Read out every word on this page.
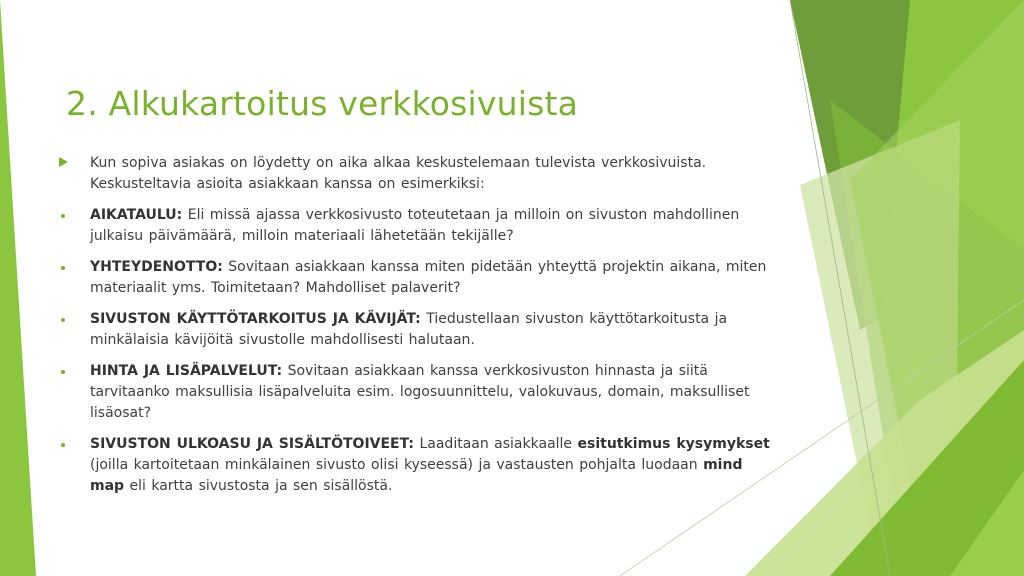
2. Alkukartoitus verkkosivuista
Kun sopiva asiakas on löydetty on aika alkaa keskustelemaan tulevista verkkosivuista. Keskusteltavia asioita asiakkaan kanssa on esimerkiksi:
AIKATAULU: Eli missä ajassa verkkosivusto toteutetaan ja milloin on sivuston mahdollinen julkaisu päivämäärä, milloin materiaali lähetetään tekijälle?
YHTEYDENOTTO: Sovitaan asiakkaan kanssa miten pidetään yhteyttä projektin aikana, miten materiaalit yms. Toimitetaan? Mahdolliset palaverit?
SIVUSTON KÄYTTÖTARKOITUS JA KÄVIJÄT: Tiedustellaan sivuston käyttötarkoitusta ja minkälaisia kävijöitä sivustolle mahdollisesti halutaan.
HINTA JA LISÄPALVELUT: Sovitaan asiakkaan kanssa verkkosivuston hinnasta ja siitä tarvitaanko maksullisia lisäpalveluita esim. logosuunnittelu, valokuvaus, domain, maksulliset lisäosat?
SIVUSTON ULKOASU JA SISÄLTÖTOIVEET: Laaditaan asiakkaalle esitutkimus kysymykset (joilla kartoitetaan minkälainen sivusto olisi kyseessä) ja vastausten pohjalta luodaan mind map eli kartta sivustosta ja sen sisällöstä.
